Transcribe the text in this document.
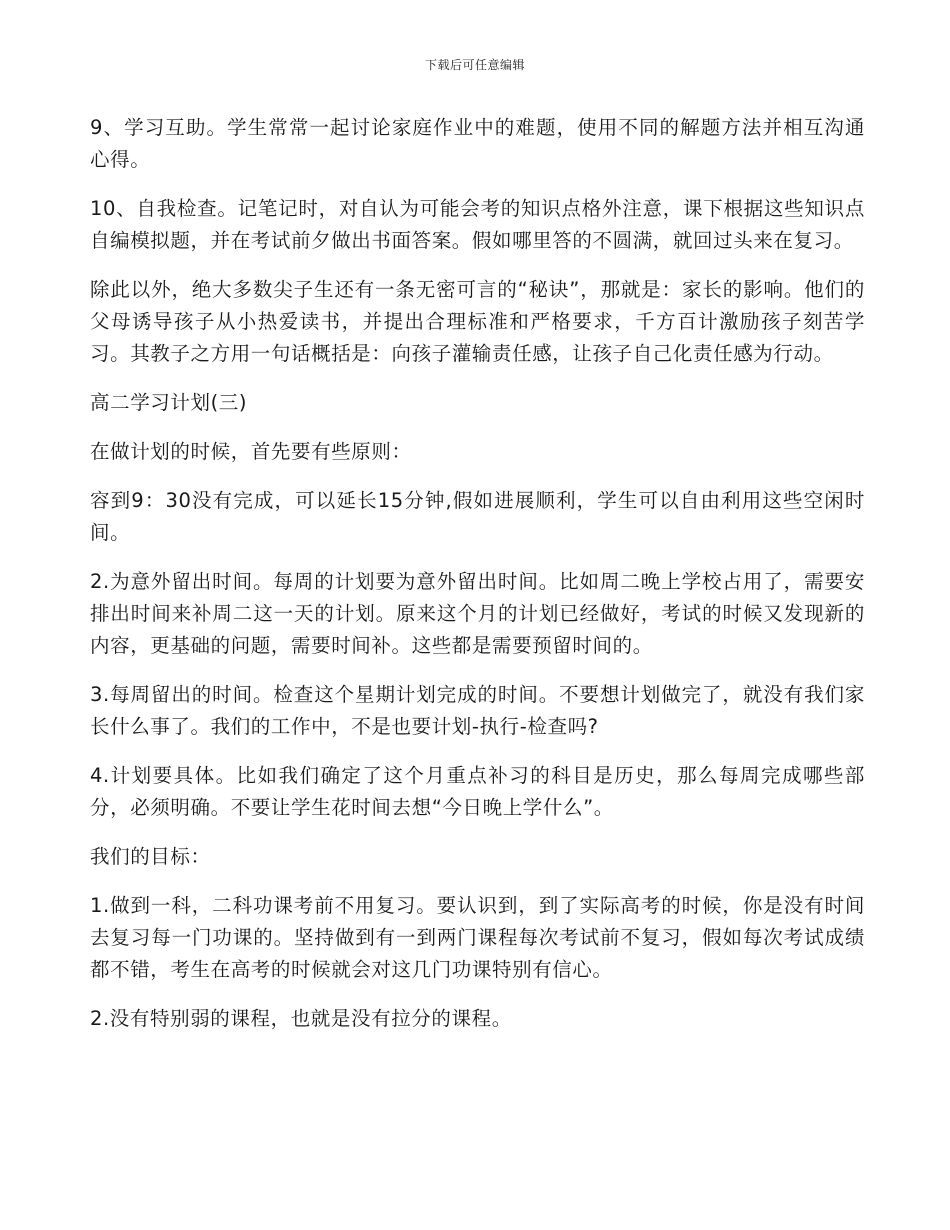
下载后可任意编辑

9、学习互助。学生常常一起讨论家庭作业中的难题，使用不同的解题方法并相互沟通心得。

10、自我检查。记笔记时，对自认为可能会考的知识点格外注意，课下根据这些知识点自编模拟题，并在考试前夕做出书面答案。假如哪里答的不圆满，就回过头来在复习。

除此以外，绝大多数尖子生还有一条无密可言的“秘诀”，那就是：家长的影响。他们的父母诱导孩子从小热爱读书，并提出合理标准和严格要求，千方百计激励孩子刻苦学习。其教子之方用一句话概括是：向孩子灌输责任感，让孩子自己化责任感为行动。

高二学习计划(三)

在做计划的时候，首先要有些原则：

容到9：30没有完成，可以延长15分钟,假如进展顺利，学生可以自由利用这些空闲时间。

2.为意外留出时间。每周的计划要为意外留出时间。比如周二晚上学校占用了，需要安排出时间来补周二这一天的计划。原来这个月的计划已经做好，考试的时候又发现新的内容，更基础的问题，需要时间补。这些都是需要预留时间的。

3.每周留出的时间。检查这个星期计划完成的时间。不要想计划做完了，就没有我们家长什么事了。我们的工作中，不是也要计划-执行-检查吗?

4.计划要具体。比如我们确定了这个月重点补习的科目是历史，那么每周完成哪些部分，必须明确。不要让学生花时间去想“今日晚上学什么”。

我们的目标：

1.做到一科，二科功课考前不用复习。要认识到，到了实际高考的时候，你是没有时间去复习每一门功课的。坚持做到有一到两门课程每次考试前不复习，假如每次考试成绩都不错，考生在高考的时候就会对这几门功课特别有信心。

2.没有特别弱的课程，也就是没有拉分的课程。
